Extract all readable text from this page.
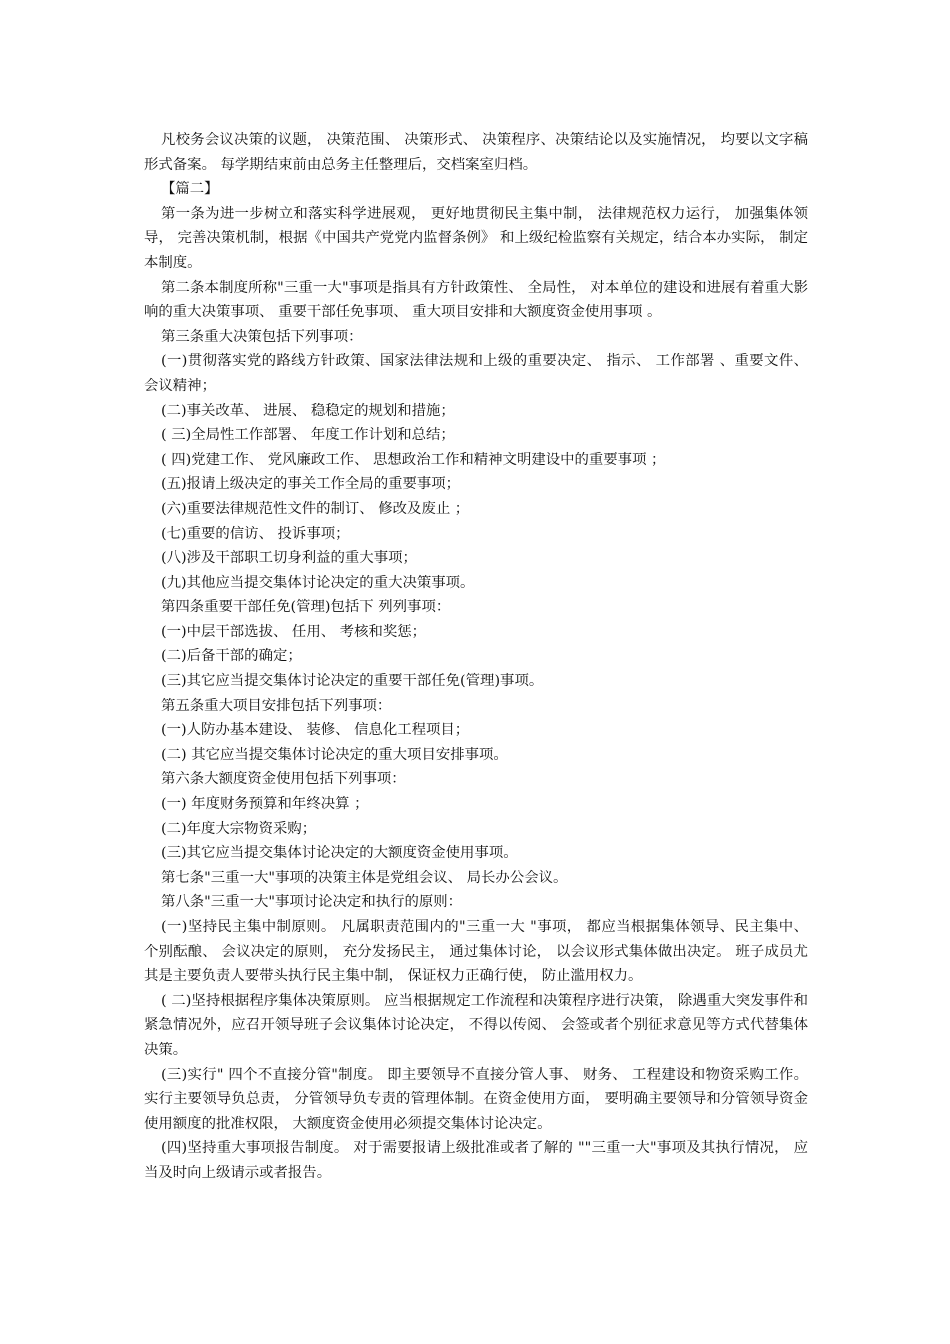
凡校务会议决策的议题， 决策范围、 决策形式、 决策程序、决策结论以及实施情况， 均要以文字稿形式备案。 每学期结束前由总务主任整理后，交档案室归档。

【篇二】

第一条为进一步树立和落实科学进展观， 更好地贯彻民主集中制， 法律规范权力运行， 加强集体领导， 完善决策机制，根据《中国共产党党内监督条例》 和上级纪检监察有关规定，结合本办实际， 制定本制度。

第二条本制度所称"三重一大"事项是指具有方针政策性、 全局性， 对本单位的建设和进展有着重大影响的重大决策事项、 重要干部任免事项、 重大项目安排和大额度资金使用事项 。

第三条重大决策包括下列事项：

(一)贯彻落实党的路线方针政策、国家法律法规和上级的重要决定、 指示、 工作部署 、重要文件、 会议精神；

(二)事关改革、 进展、 稳稳定的规划和措施；

( 三)全局性工作部署、 年度工作计划和总结；

( 四)党建工作、 党风廉政工作、 思想政治工作和精神文明建设中的重要事项 ；

(五)报请上级决定的事关工作全局的重要事项；

(六)重要法律规范性文件的制订、 修改及废止 ；

(七)重要的信访、 投诉事项；

(八)涉及干部职工切身利益的重大事项；

(九)其他应当提交集体讨论决定的重大决策事项。

第四条重要干部任免(管理)包括下 列列事项：

(一)中层干部选拔、 任用、 考核和奖惩；

(二)后备干部的确定；

(三)其它应当提交集体讨论决定的重要干部任免(管理)事项。

第五条重大项目安排包括下列事项：

(一)人防办基本建设、 装修、 信息化工程项目；

(二) 其它应当提交集体讨论决定的重大项目安排事项。

第六条大额度资金使用包括下列事项：

(一) 年度财务预算和年终决算 ；

(二)年度大宗物资采购；

(三)其它应当提交集体讨论决定的大额度资金使用事项。

第七条"三重一大"事项的决策主体是党组会议、 局长办公会议。

第八条"三重一大"事项讨论决定和执行的原则：

(一)坚持民主集中制原则。 凡属职责范围内的"三重一大 "事项， 都应当根据集体领导、民主集中、 个别酝酿、 会议决定的原则， 充分发扬民主， 通过集体讨论， 以会议形式集体做出决定。 班子成员尤其是主要负责人要带头执行民主集中制， 保证权力正确行使， 防止滥用权力。

( 二)坚持根据程序集体决策原则。 应当根据规定工作流程和决策程序进行决策， 除遇重大突发事件和紧急情况外，应召开领导班子会议集体讨论决定， 不得以传阅、 会签或者个别征求意见等方式代替集体决策。

(三)实行" 四个不直接分管"制度。 即主要领导不直接分管人事、 财务、 工程建设和物资采购工作。 实行主要领导负总责， 分管领导负专责的管理体制。在资金使用方面， 要明确主要领导和分管领导资金使用额度的批准权限， 大额度资金使用必须提交集体讨论决定。

(四)坚持重大事项报告制度。 对于需要报请上级批准或者了解的 ""三重一大"事项及其执行情况， 应当及时向上级请示或者报告。
